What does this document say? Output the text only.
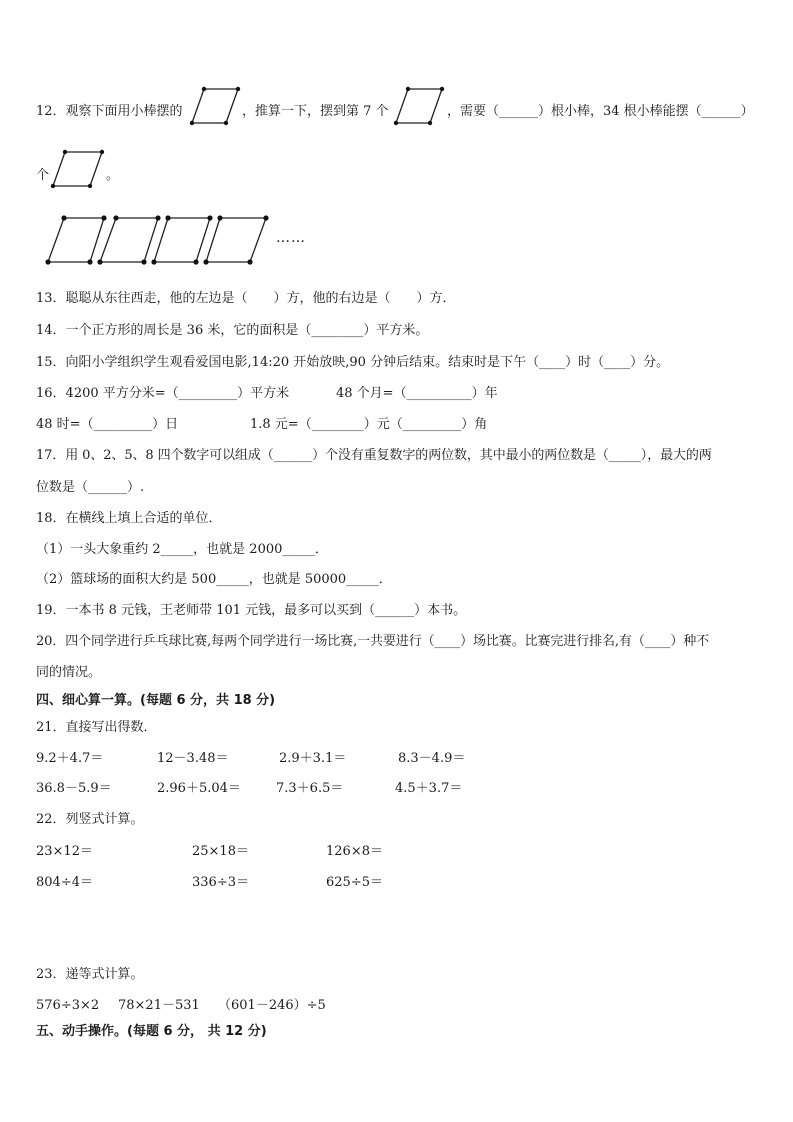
12．观察下面用小棒摆的	，推算一下，摆到第 7 个	，需要（______）根小棒，34 根小棒能摆（______）
个	。
……
13．聪聪从东往西走，他的左边是（　　）方，他的右边是（　　）方．
14．一个正方形的周长是 36 米，它的面积是（________）平方米。
15．向阳小学组织学生观看爱国电影,14:20 开始放映,90 分钟后结束。结束时是下午（____）时（____）分。
16．4200 平方分米=（_________）平方米	48 个月=（__________）年
48 时=（_________）日	1.8 元=（________）元（_________）角
17．用 0、2、5、8 四个数字可以组成（______）个没有重复数字的两位数，其中最小的两位数是（_____），最大的两
位数是（______）.
18．在横线上填上合适的单位．
（1）一头大象重约 2_____，也就是 2000_____．
（2）篮球场的面积大约是 500_____，也就是 50000_____．
19．一本书 8 元钱，王老师带 101 元钱，最多可以买到（______）本书。
20．四个同学进行乒乓球比赛,每两个同学进行一场比赛,一共要进行（____）场比赛。比赛完进行排名,有（____）种不
同的情况。
四、细心算一算。(每题 6 分，共 18 分)
21．直接写出得数．
9.2＋4.7＝	12－3.48＝	2.9＋3.1＝	8.3－4.9＝
36.8－5.9＝	2.96＋5.04＝	7.3＋6.5＝	4.5＋3.7＝
22．列竖式计算。
23×12＝	25×18＝	126×8＝
804÷4＝	336÷3＝	625÷5＝
23．递等式计算。
576÷3×2 78×21－531 （601－246）÷5
五、动手操作。(每题 6 分， 共 12 分)
